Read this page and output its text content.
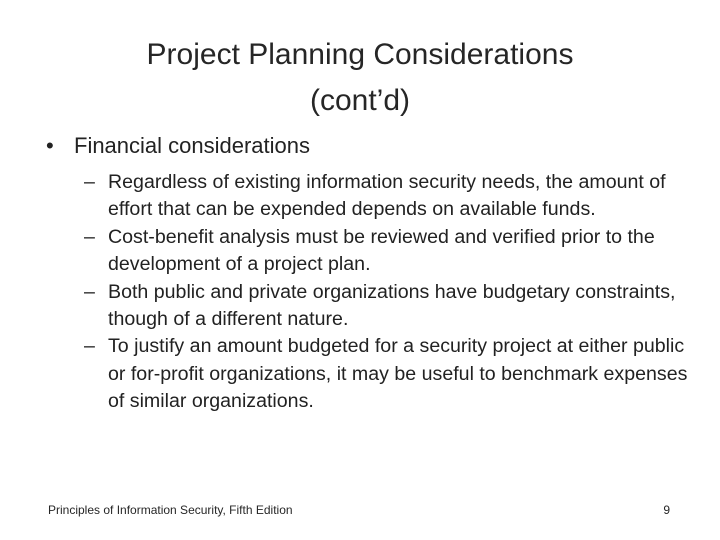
Project Planning Considerations
(cont’d)
• Financial considerations
– Regardless of existing information security needs, the amount of effort that can be expended depends on available funds.
– Cost-benefit analysis must be reviewed and verified prior to the development of a project plan.
– Both public and private organizations have budgetary constraints, though of a different nature.
– To justify an amount budgeted for a security project at either public or for-profit organizations, it may be useful to benchmark expenses of similar organizations.
Principles of Information Security, Fifth Edition	9
